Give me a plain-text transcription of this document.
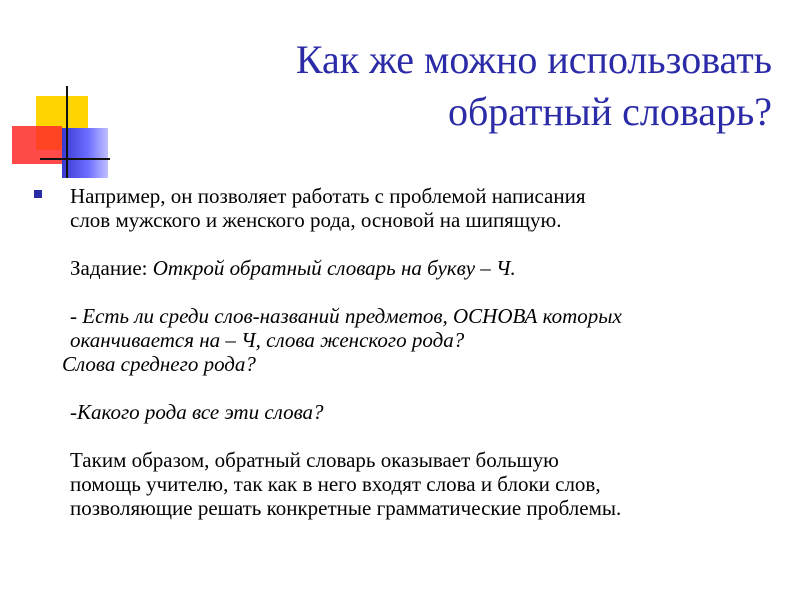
Как же можно использовать
обратный словарь?

Например, он позволяет работать с проблемой написания

слов мужского и женского рода, основой на шипящую.

Задание: Открой обратный словарь на букву – Ч.

- Есть ли среди слов-названий предметов, ОСНОВА которых

оканчивается на – Ч, слова женского рода?

Слова среднего рода?

-Какого рода все эти слова?

Таким образом, обратный словарь оказывает большую

помощь учителю, так как в него входят слова и блоки слов,

позволяющие решать конкретные грамматические проблемы.
